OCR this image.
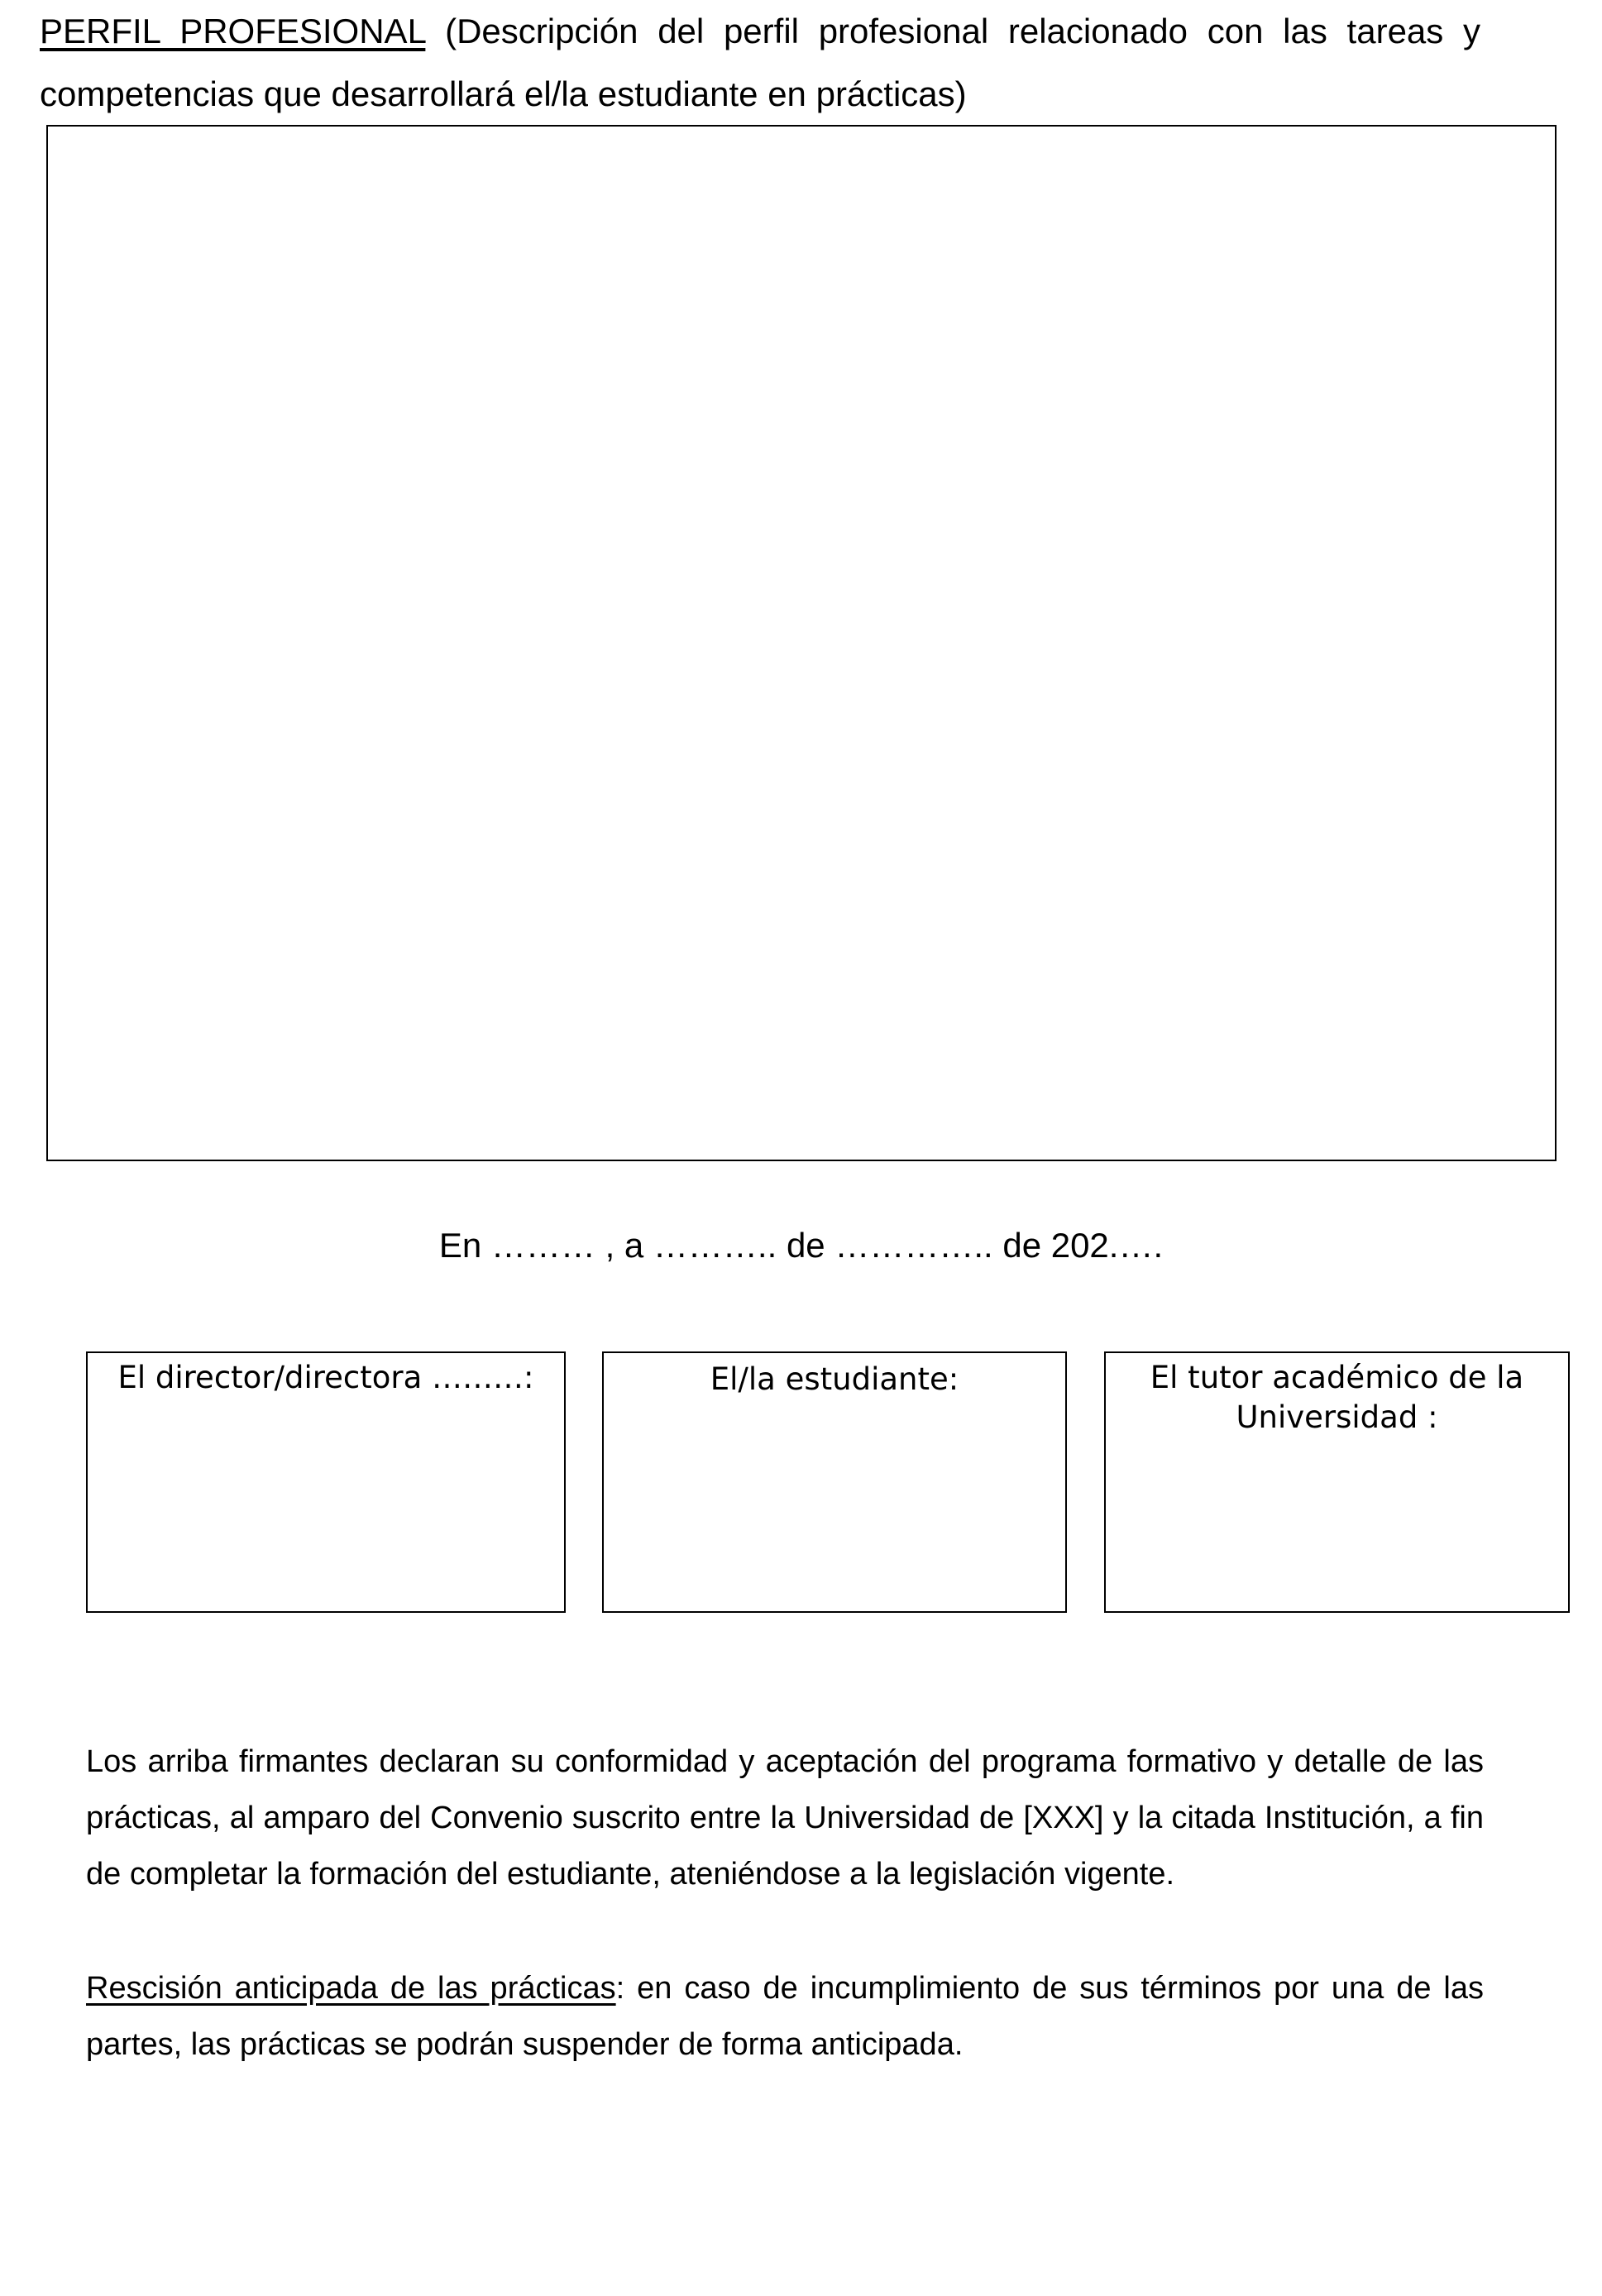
PERFIL PROFESIONAL (Descripción del perfil profesional relacionado con las tareas y competencias que desarrollará el/la estudiante en prácticas)

En ……… , a ……….. de ………….. de 202.….
El director/directora ………:	El/la estudiante:	El tutor académico de la Universidad :

Los arriba firmantes declaran su conformidad y aceptación del programa formativo y detalle de las prácticas, al amparo del Convenio suscrito entre la Universidad de [XXX] y la citada Institución, a fin de completar la formación del estudiante, ateniéndose a la legislación vigente.

Rescisión anticipada de las prácticas: en caso de incumplimiento de sus términos por una de las partes, las prácticas se podrán suspender de forma anticipada.
